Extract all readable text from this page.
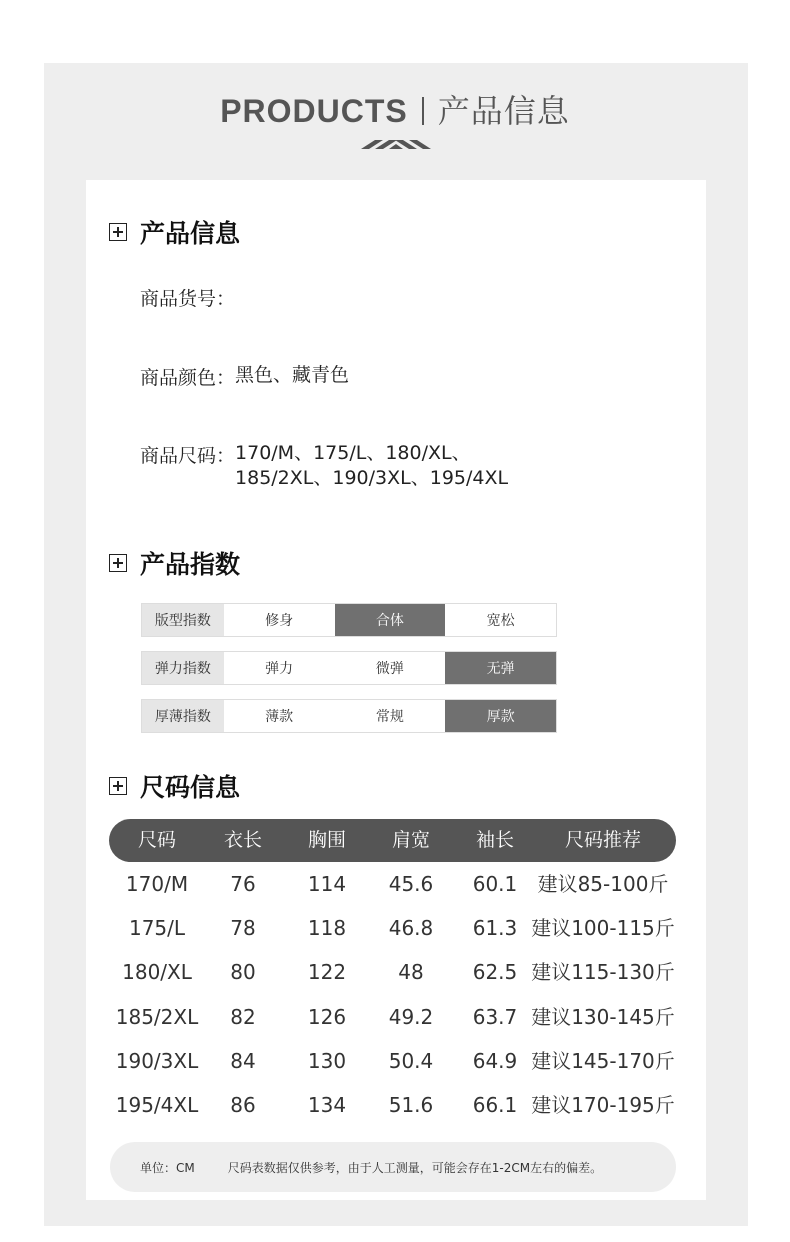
PRODUCTS 产品信息
产品信息
商品货号：
商品颜色： 黑色、藏青色
商品尺码： 170/M、175/L、180/XL、
185/2XL、190/3XL、195/4XL
产品指数
版型指数	修身	合体	宽松
弹力指数	弹力	微弹	无弹
厚薄指数	薄款	常规	厚款
尺码信息
尺码	衣长 胸围 肩宽 袖长	尺码推荐
170/M 76	114 45.6 60.1 建议85-100斤
175/L 78	118 46.8 61.3 建议100-115斤
180/XL 80	122	48 62.5 建议115-130斤
185/2XL 82	126 49.2 63.7 建议130-145斤
190/3XL 84	130 50.4 64.9 建议145-170斤
195/4XL 86	134 51.6 66.1 建议170-195斤
单位：CM	尺码表数据仅供参考，由于人工测量，可能会存在1-2CM左右的偏差。
